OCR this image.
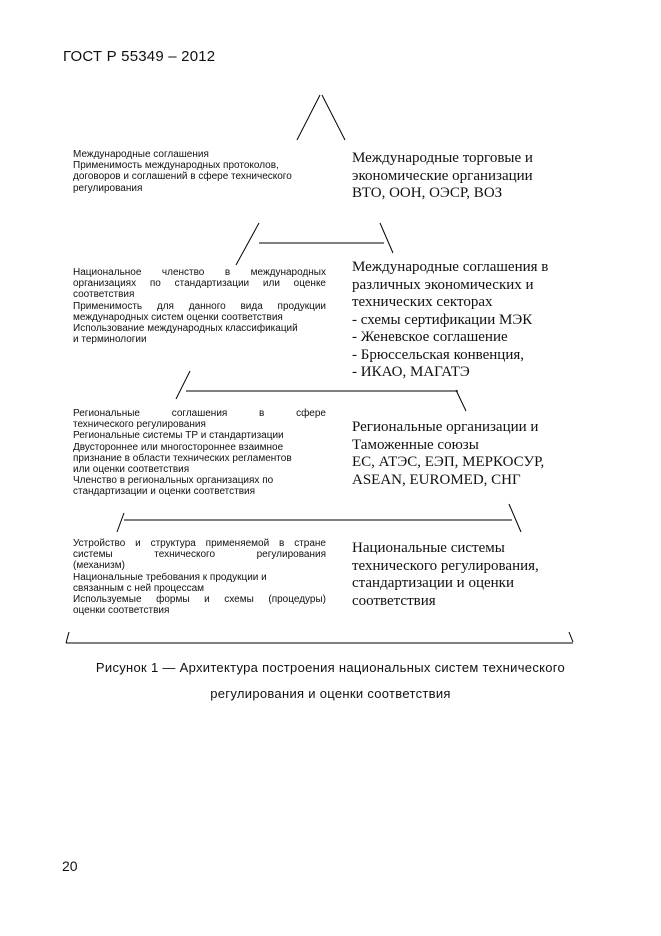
ГОСТ Р 55349 – 2012
Международные соглашения
Применимость международных протоколов,
договоров и соглашений в сфере технического
регулирования
Международные торговые и
экономические организации
ВТО, ООН, ОЭСР, ВОЗ
Национальное членство в международных
организациях по стандартизации или оценке
соответствия
Применимость для данного вида продукции
международных систем оценки соответствия
Использование международных классификаций
и терминологии
Международные соглашения в
различных экономических и
технических секторах
- схемы сертификации МЭК
- Женевское соглашение
- Брюссельская конвенция,
- ИКАО, МАГАТЭ
Региональные соглашения в сфере
технического регулирования
Региональные системы ТР и стандартизации
Двустороннее или многостороннее взаимное
признание в области технических регламентов
или оценки соответствия
Членство в региональных организациях по
стандартизации и оценки соответствия
Региональные организации и
Таможенные союзы
ЕС, АТЭС, ЕЭП, МЕРКОСУР,
ASEAN, EUROMED, СНГ
Устройство и структура применяемой в стране
системы технического регулирования
(механизм)
Национальные требования к продукции и
связанным с ней процессам
Используемые формы и схемы (процедуры)
оценки соответствия
Национальные системы
технического регулирования,
стандартизации и оценки
соответствия
Рисунок 1 — Архитектура построения национальных систем технического
регулирования и оценки соответствия
20
